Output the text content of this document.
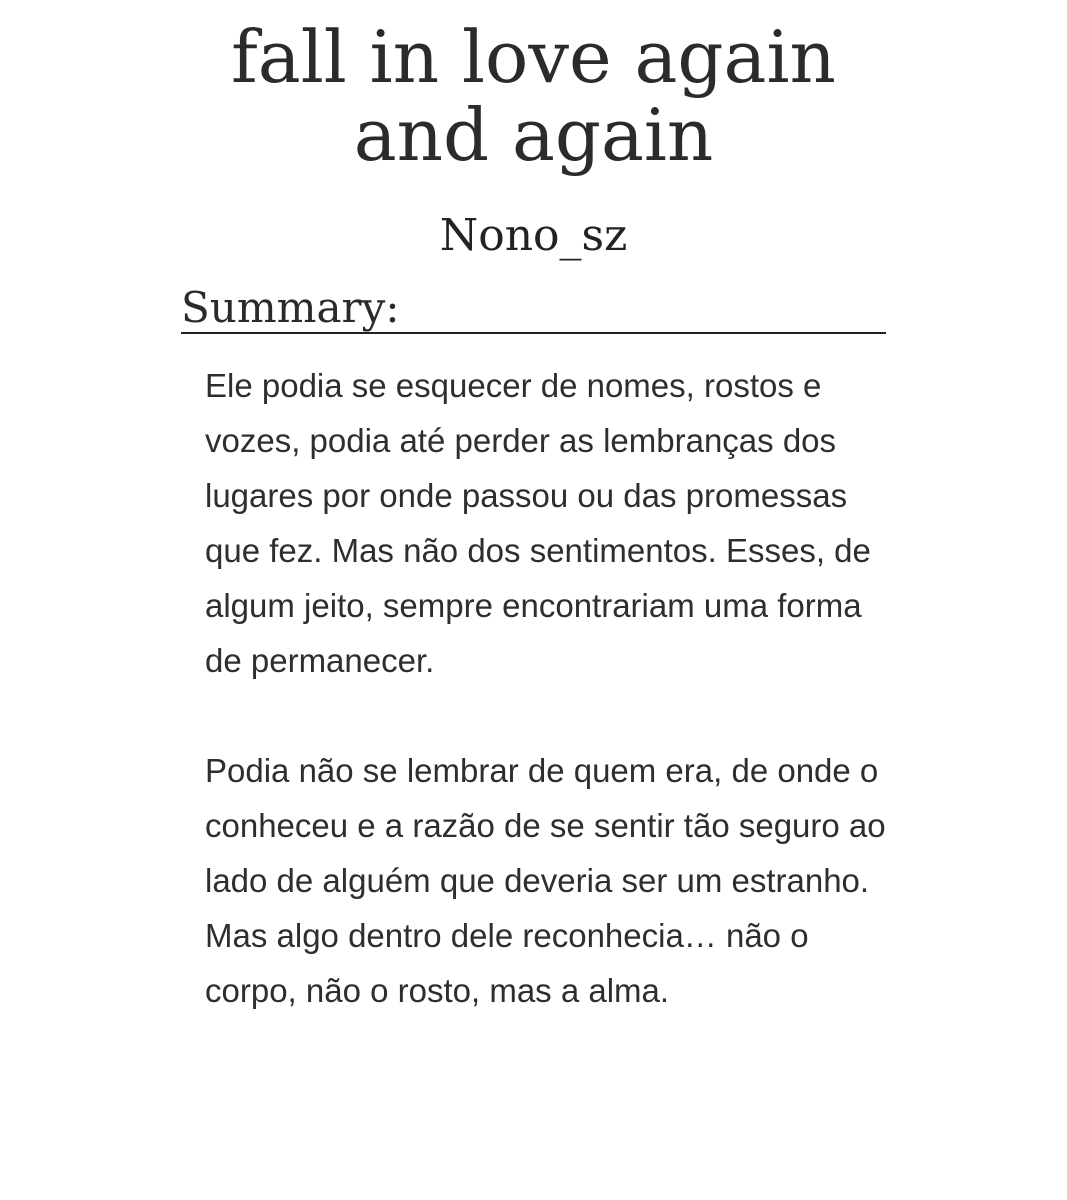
fall in love again
and again
Nono_sz
Summary:

Ele podia se esquecer de nomes, rostos e vozes, podia até perder as lembranças dos lugares por onde passou ou das promessas que fez. Mas não dos sentimentos. Esses, de algum jeito, sempre encontrariam uma forma de permanecer.

Podia não se lembrar de quem era, de onde o conheceu e a razão de se sentir tão seguro ao lado de alguém que deveria ser um estranho. Mas algo dentro dele reconhecia… não o corpo, não o rosto, mas a alma.
